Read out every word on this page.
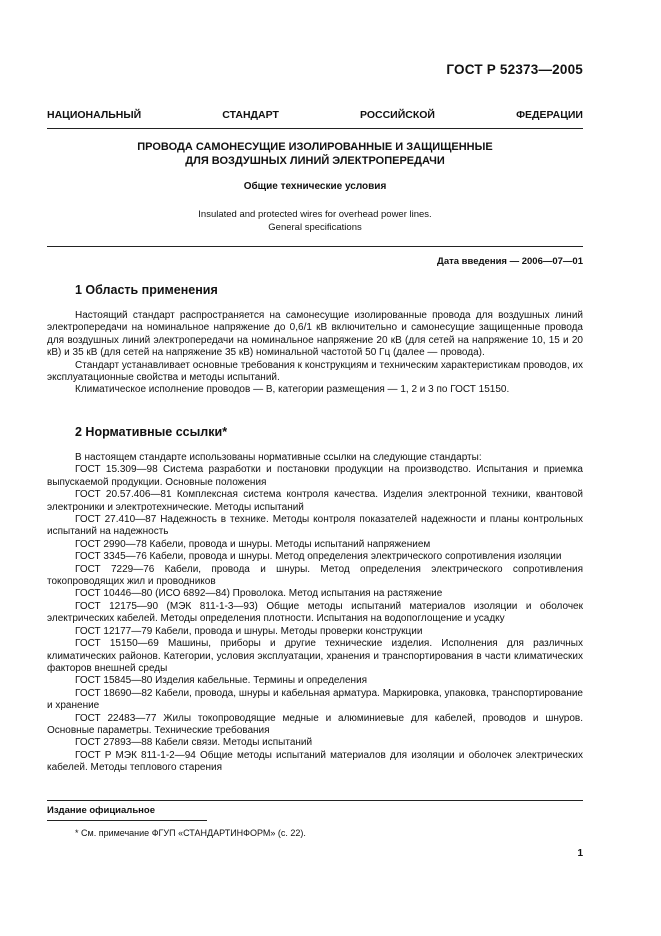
ГОСТ Р 52373—2005
НАЦИОНАЛЬНЫЙ	СТАНДАРТ	РОССИЙСКОЙ	ФЕДЕРАЦИИ
ПРОВОДА САМОНЕСУЩИЕ ИЗОЛИРОВАННЫЕ И ЗАЩИЩЕННЫЕ
ДЛЯ ВОЗДУШНЫХ ЛИНИЙ ЭЛЕКТРОПЕРЕДАЧИ
Общие технические условия
Insulated and protected wires for overhead power lines.
General specifications
Дата введения — 2006—07—01
1 Область применения

Настоящий стандарт распространяется на самонесущие изолированные провода для воздушных линий электропередачи на номинальное напряжение до 0,6/1 кВ включительно и самонесущие защищенные провода для воздушных линий электропередачи на номинальное напряжение 20 кВ (для сетей на напряжение 10, 15 и 20 кВ) и 35 кВ (для сетей на напряжение 35 кВ) номинальной частотой 50 Гц (далее — провода).

Стандарт устанавливает основные требования к конструкциям и техническим характеристикам проводов, их эксплуатационные свойства и методы испытаний.

Климатическое исполнение проводов — В, категории размещения — 1, 2 и 3 по ГОСТ 15150.

2 Нормативные ссылки*

В настоящем стандарте использованы нормативные ссылки на следующие стандарты:

ГОСТ 15.309—98 Система разработки и постановки продукции на производство. Испытания и приемка выпускаемой продукции. Основные положения

ГОСТ 20.57.406—81 Комплексная система контроля качества. Изделия электронной техники, квантовой электроники и электротехнические. Методы испытаний

ГОСТ 27.410—87 Надежность в технике. Методы контроля показателей надежности и планы контрольных испытаний на надежность

ГОСТ 2990—78 Кабели, провода и шнуры. Методы испытаний напряжением

ГОСТ 3345—76 Кабели, провода и шнуры. Метод определения электрического сопротивления изоляции

ГОСТ 7229—76 Кабели, провода и шнуры. Метод определения электрического сопротивления токопроводящих жил и проводников

ГОСТ 10446—80 (ИСО 6892—84) Проволока. Метод испытания на растяжение

ГОСТ 12175—90 (МЭК 811-1-3—93) Общие методы испытаний материалов изоляции и оболочек электрических кабелей. Методы определения плотности. Испытания на водопоглощение и усадку

ГОСТ 12177—79 Кабели, провода и шнуры. Методы проверки конструкции

ГОСТ 15150—69 Машины, приборы и другие технические изделия. Исполнения для различных климатических районов. Категории, условия эксплуатации, хранения и транспортирования в части климатических факторов внешней среды

ГОСТ 15845—80 Изделия кабельные. Термины и определения

ГОСТ 18690—82 Кабели, провода, шнуры и кабельная арматура. Маркировка, упаковка, транспортирование и хранение

ГОСТ 22483—77 Жилы токопроводящие медные и алюминиевые для кабелей, проводов и шнуров. Основные параметры. Технические требования

ГОСТ 27893—88 Кабели связи. Методы испытаний

ГОСТ Р МЭК 811-1-2—94 Общие методы испытаний материалов для изоляции и оболочек электрических кабелей. Методы теплового старения

Издание официальное
* См. примечание ФГУП «СТАНДАРТИНФОРМ» (с. 22).
1
